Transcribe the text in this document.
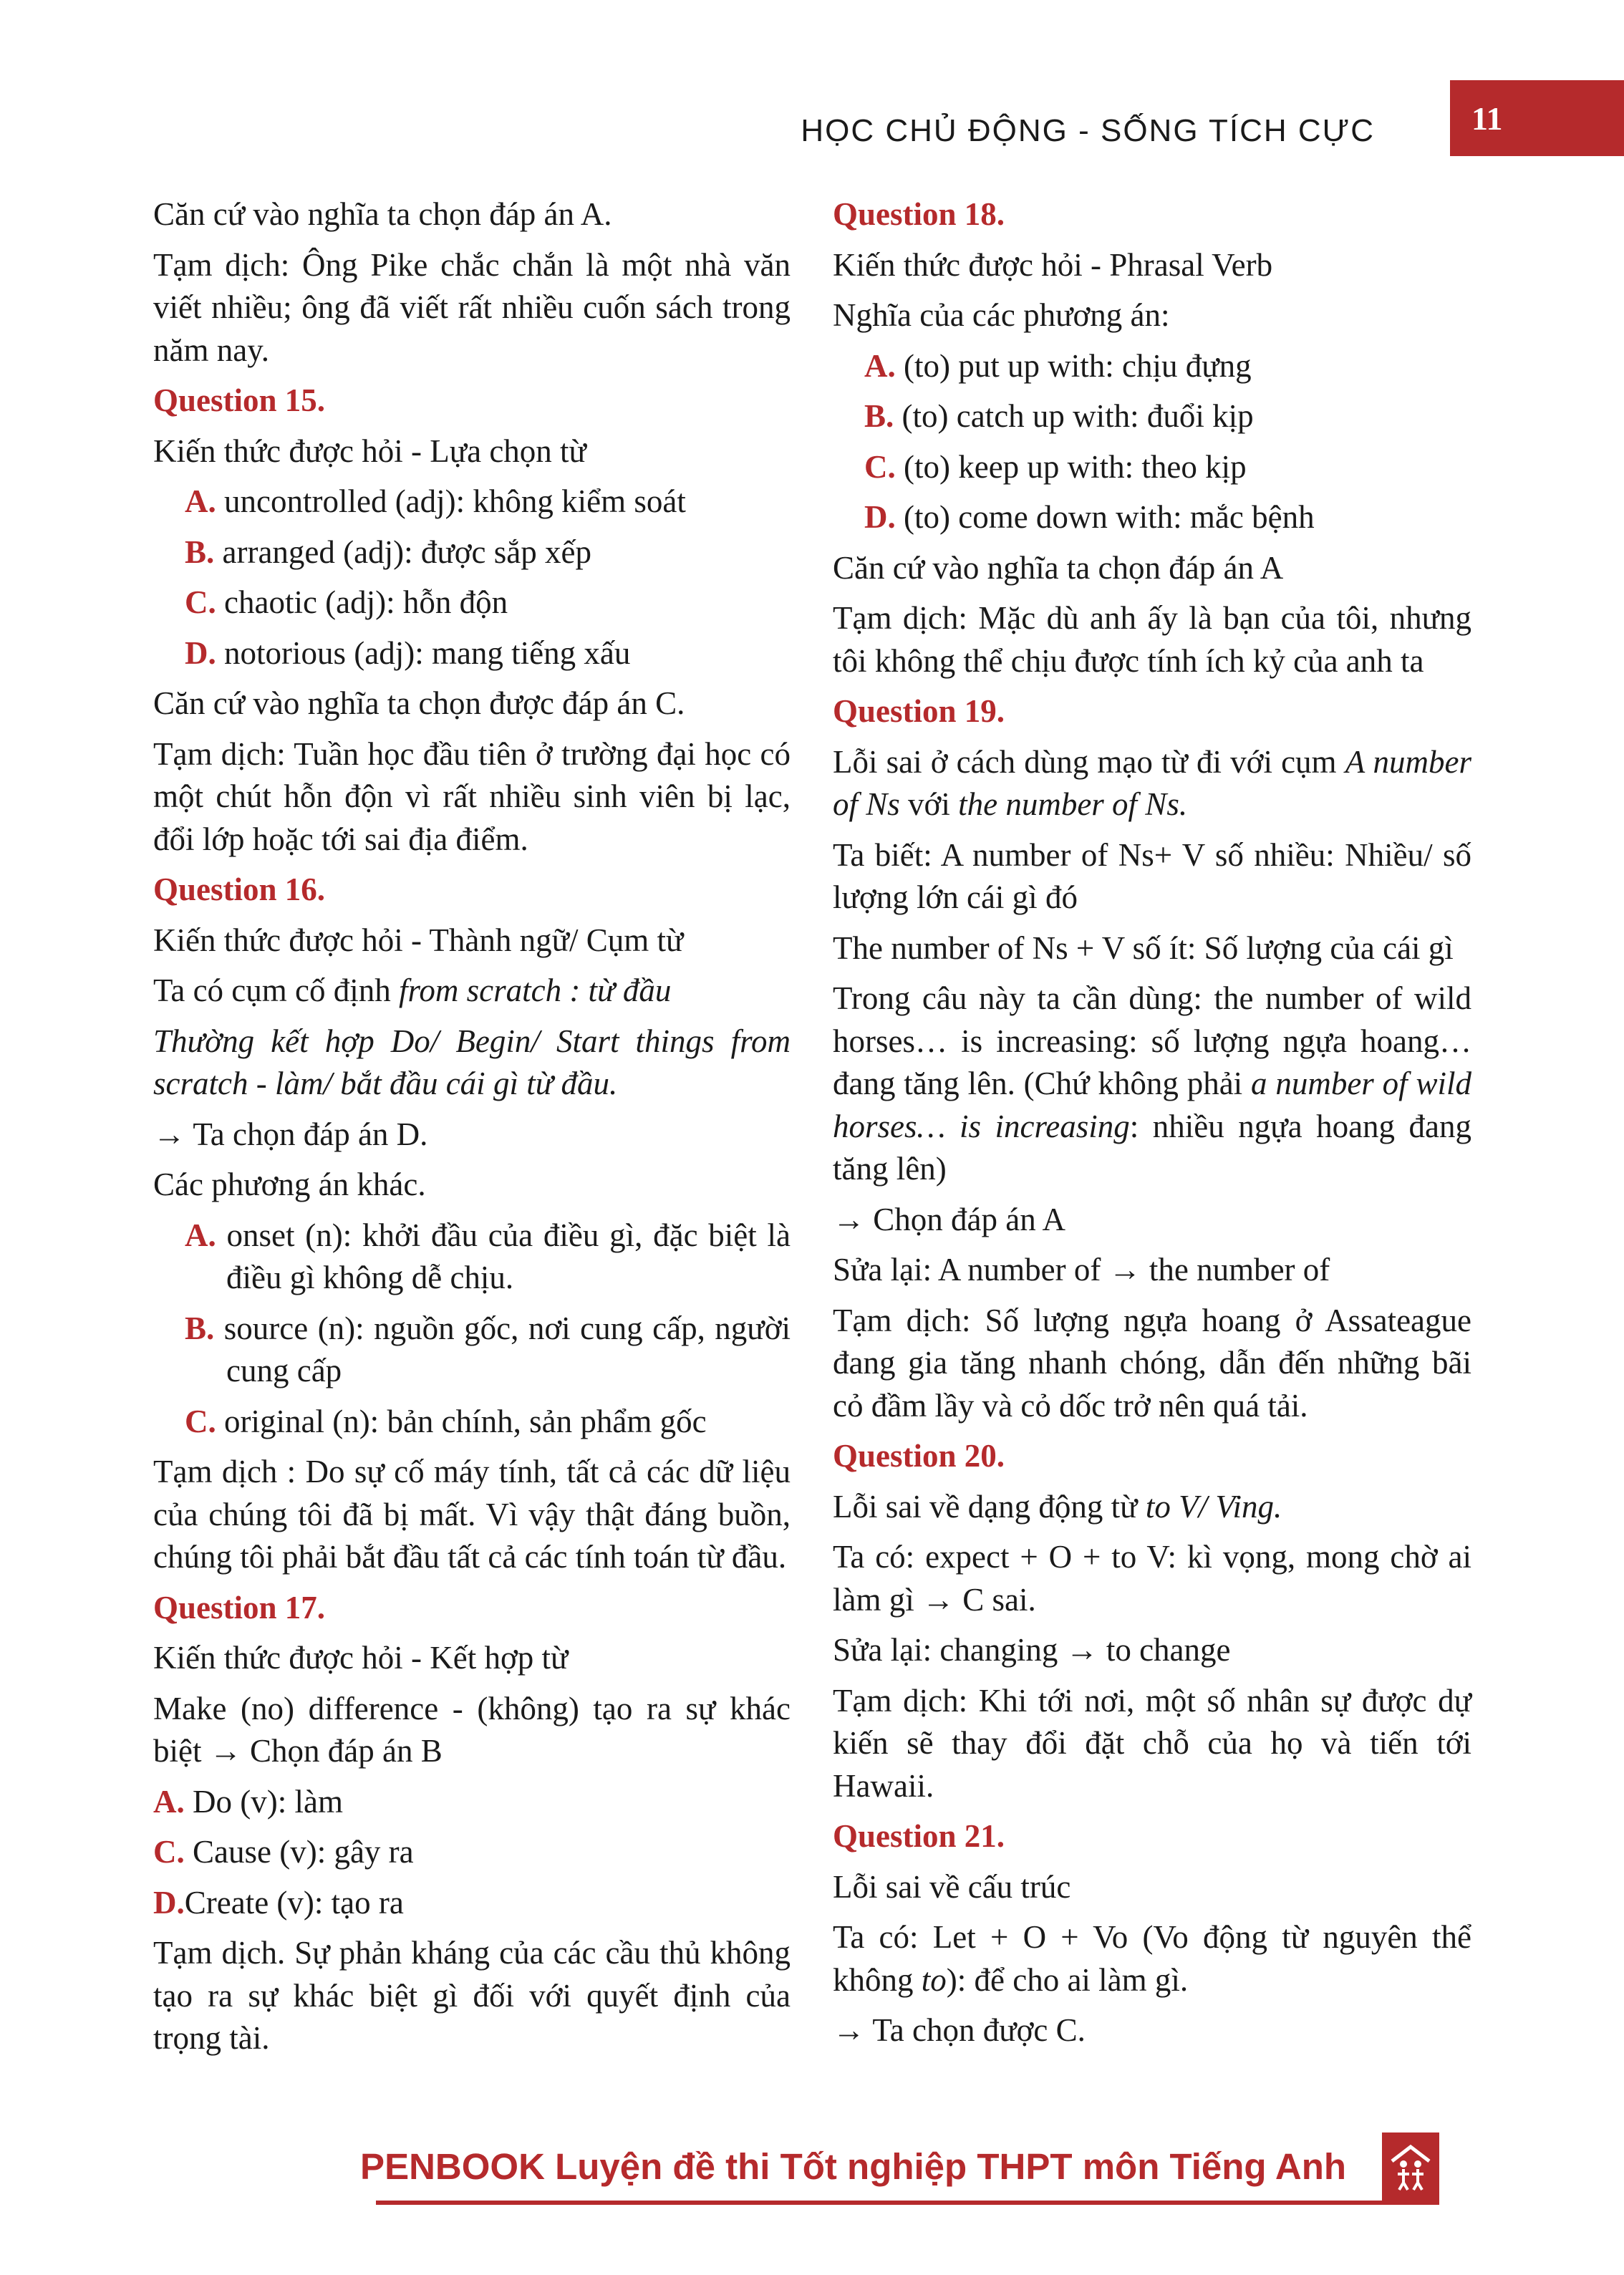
HỌC CHỦ ĐỘNG - SỐNG TÍCH CỰC	11

Căn cứ vào nghĩa ta chọn đáp án A.

Tạm dịch: Ông Pike chắc chắn là một nhà văn viết nhiều; ông đã viết rất nhiều cuốn sách trong năm nay.

Question 15.

Kiến thức được hỏi - Lựa chọn từ

A. uncontrolled (adj): không kiểm soát

B. arranged (adj): được sắp xếp

C. chaotic (adj): hỗn độn

D. notorious (adj): mang tiếng xấu

Căn cứ vào nghĩa ta chọn được đáp án C.

Tạm dịch: Tuần học đầu tiên ở trường đại học có một chút hỗn độn vì rất nhiều sinh viên bị lạc, đổi lớp hoặc tới sai địa điểm.

Question 16.

Kiến thức được hỏi - Thành ngữ/ Cụm từ

Ta có cụm cố định from scratch : từ đầu

Thường kết hợp Do/ Begin/ Start things from scratch - làm/ bắt đầu cái gì từ đầu.

→ Ta chọn đáp án D.

Các phương án khác.

A. onset (n): khởi đầu của điều gì, đặc biệt là điều gì không dễ chịu.

B. source (n): nguồn gốc, nơi cung cấp, người cung cấp

C. original (n): bản chính, sản phẩm gốc

Tạm dịch : Do sự cố máy tính, tất cả các dữ liệu của chúng tôi đã bị mất. Vì vậy thật đáng buồn, chúng tôi phải bắt đầu tất cả các tính toán từ đầu.

Question 17.

Kiến thức được hỏi - Kết hợp từ

Make (no) difference - (không) tạo ra sự khác biệt → Chọn đáp án B

A. Do (v): làm

C. Cause (v): gây ra

D.Create (v): tạo ra

Tạm dịch. Sự phản kháng của các cầu thủ không tạo ra sự khác biệt gì đối với quyết định của trọng tài.

Question 18.

Kiến thức được hỏi - Phrasal Verb

Nghĩa của các phương án:

A. (to) put up with: chịu đựng

B. (to) catch up with: đuổi kịp

C. (to) keep up with: theo kịp

D. (to) come down with: mắc bệnh

Căn cứ vào nghĩa ta chọn đáp án A

Tạm dịch: Mặc dù anh ấy là bạn của tôi, nhưng tôi không thể chịu được tính ích kỷ của anh ta

Question 19.

Lỗi sai ở cách dùng mạo từ đi với cụm A number of Ns với the number of Ns.

Ta biết: A number of Ns+ V số nhiều: Nhiều/ số lượng lớn cái gì đó

The number of Ns + V số ít: Số lượng của cái gì

Trong câu này ta cần dùng: the number of wild horses… is increasing: số lượng ngựa hoang… đang tăng lên. (Chứ không phải a number of wild horses… is increasing: nhiều ngựa hoang đang tăng lên)

→ Chọn đáp án A

Sửa lại: A number of → the number of

Tạm dịch: Số lượng ngựa hoang ở Assateague đang gia tăng nhanh chóng, dẫn đến những bãi cỏ đầm lầy và cỏ dốc trở nên quá tải.

Question 20.

Lỗi sai về dạng động từ to V/ Ving.

Ta có: expect + O + to V: kì vọng, mong chờ ai làm gì → C sai.

Sửa lại: changing → to change

Tạm dịch: Khi tới nơi, một số nhân sự được dự kiến sẽ thay đổi đặt chỗ của họ và tiến tới Hawaii.

Question 21.

Lỗi sai về cấu trúc

Ta có: Let + O + Vo (Vo động từ nguyên thể không to): để cho ai làm gì.

→ Ta chọn được C.

PENBOOK Luyện đề thi Tốt nghiệp THPT môn Tiếng Anh
